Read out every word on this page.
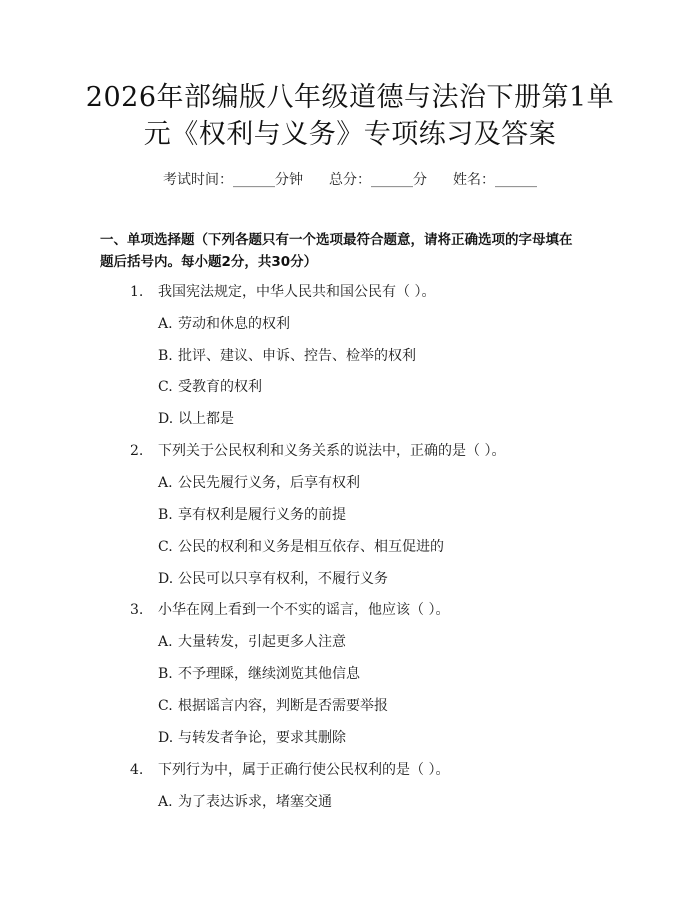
2026年部编版八年级道德与法治下册第1单
元《权利与义务》专项练习及答案
考试时间：______分钟 总分：______分 姓名：______
一、单项选择题（下列各题只有一个选项最符合题意，请将正确选项的字母填在
题后括号内。每小题2分，共30分）
1. 我国宪法规定，中华人民共和国公民有（ ）。
A. 劳动和休息的权利
B. 批评、建议、申诉、控告、检举的权利
C. 受教育的权利
D. 以上都是
2. 下列关于公民权利和义务关系的说法中，正确的是（ ）。
A. 公民先履行义务，后享有权利
B. 享有权利是履行义务的前提
C. 公民的权利和义务是相互依存、相互促进的
D. 公民可以只享有权利，不履行义务
3. 小华在网上看到一个不实的谣言，他应该（ ）。
A. 大量转发，引起更多人注意
B. 不予理睬，继续浏览其他信息
C. 根据谣言内容，判断是否需要举报
D. 与转发者争论，要求其删除
4. 下列行为中，属于正确行使公民权利的是（ ）。
A. 为了表达诉求，堵塞交通
